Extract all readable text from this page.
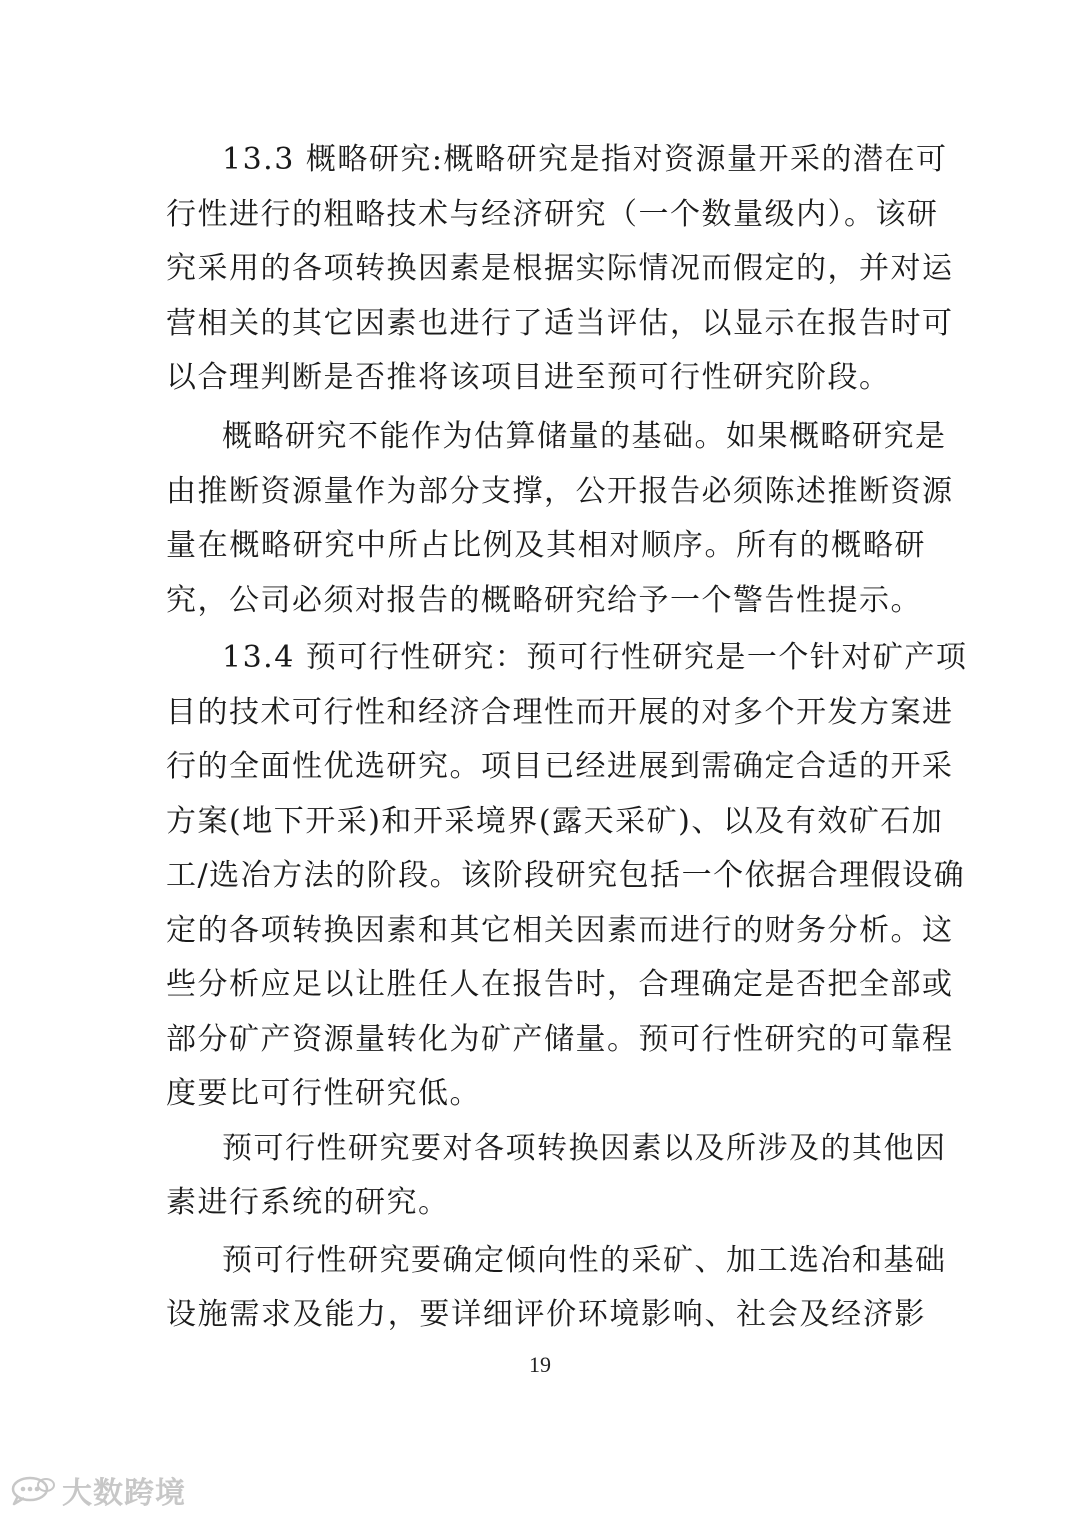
13.3 概略研究:概略研究是指对资源量开采的潜在可
行性进行的粗略技术与经济研究（一个数量级内）。该研
究采用的各项转换因素是根据实际情况而假定的，并对运
营相关的其它因素也进行了适当评估，以显示在报告时可
以合理判断是否推将该项目进至预可行性研究阶段。
概略研究不能作为估算储量的基础。如果概略研究是
由推断资源量作为部分支撑，公开报告必须陈述推断资源
量在概略研究中所占比例及其相对顺序。所有的概略研
究，公司必须对报告的概略研究给予一个警告性提示。
13.4 预可行性研究：预可行性研究是一个针对矿产项
目的技术可行性和经济合理性而开展的对多个开发方案进
行的全面性优选研究。项目已经进展到需确定合适的开采
方案(地下开采)和开采境界(露天采矿)、以及有效矿石加
工/选冶方法的阶段。该阶段研究包括一个依据合理假设确
定的各项转换因素和其它相关因素而进行的财务分析。这
些分析应足以让胜任人在报告时，合理确定是否把全部或
部分矿产资源量转化为矿产储量。预可行性研究的可靠程
度要比可行性研究低。
预可行性研究要对各项转换因素以及所涉及的其他因
素进行系统的研究。
预可行性研究要确定倾向性的采矿、加工选冶和基础
设施需求及能力，要详细评价环境影响、社会及经济影
19
大数跨境
